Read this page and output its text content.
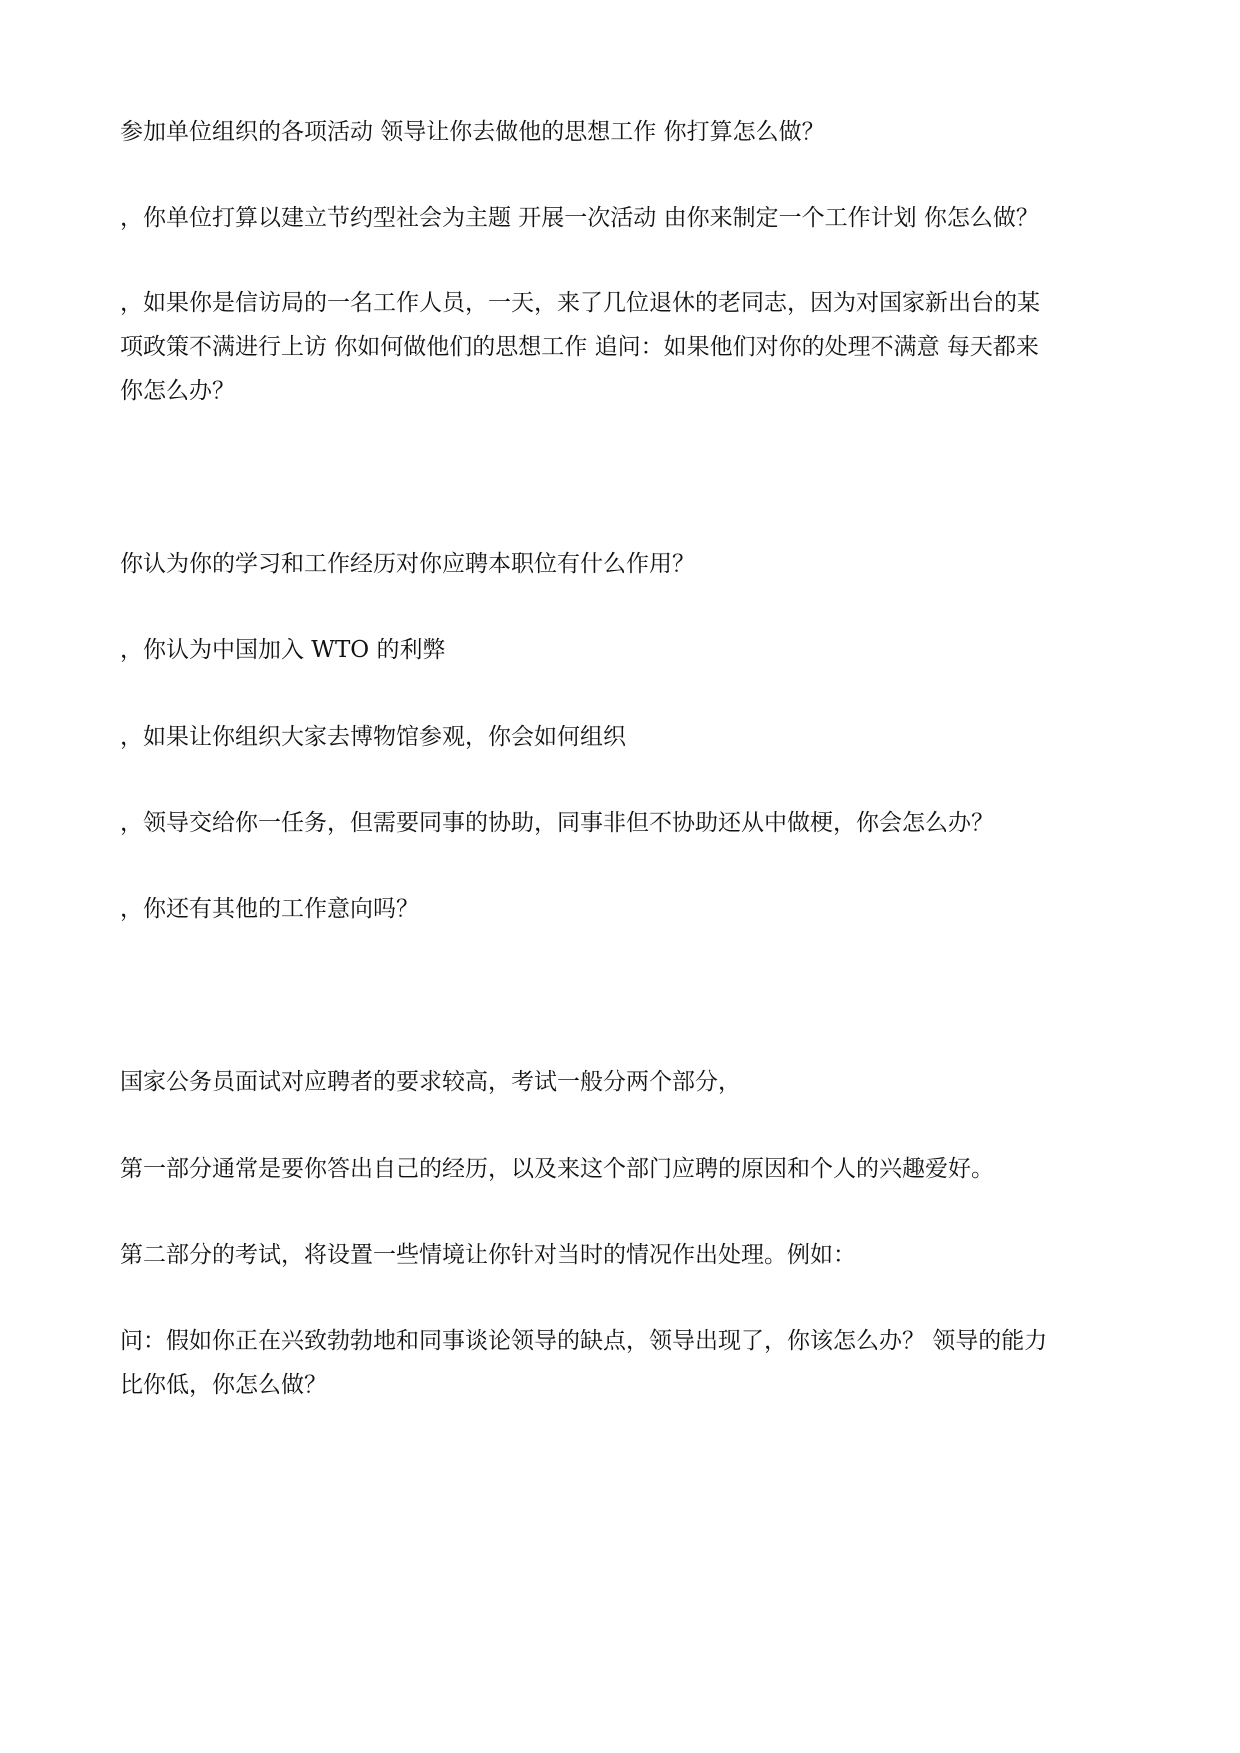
参加单位组织的各项活动 领导让你去做他的思想工作 你打算怎么做？

，你单位打算以建立节约型社会为主题 开展一次活动 由你来制定一个工作计划 你怎么做？

，如果你是信访局的一名工作人员，一天，来了几位退休的老同志，因为对国家新出台的某

项政策不满进行上访 你如何做他们的思想工作 追问：如果他们对你的处理不满意 每天都来

你怎么办？

你认为你的学习和工作经历对你应聘本职位有什么作用？

，你认为中国加入 WTO 的利弊

，如果让你组织大家去博物馆参观，你会如何组织

，领导交给你一任务，但需要同事的协助，同事非但不协助还从中做梗，你会怎么办？

，你还有其他的工作意向吗？

国家公务员面试对应聘者的要求较高，考试一般分两个部分，

第一部分通常是要你答出自己的经历，以及来这个部门应聘的原因和个人的兴趣爱好。

第二部分的考试，将设置一些情境让你针对当时的情况作出处理。例如：

问：假如你正在兴致勃勃地和同事谈论领导的缺点，领导出现了，你该怎么办？ 领导的能力

比你低，你怎么做？
